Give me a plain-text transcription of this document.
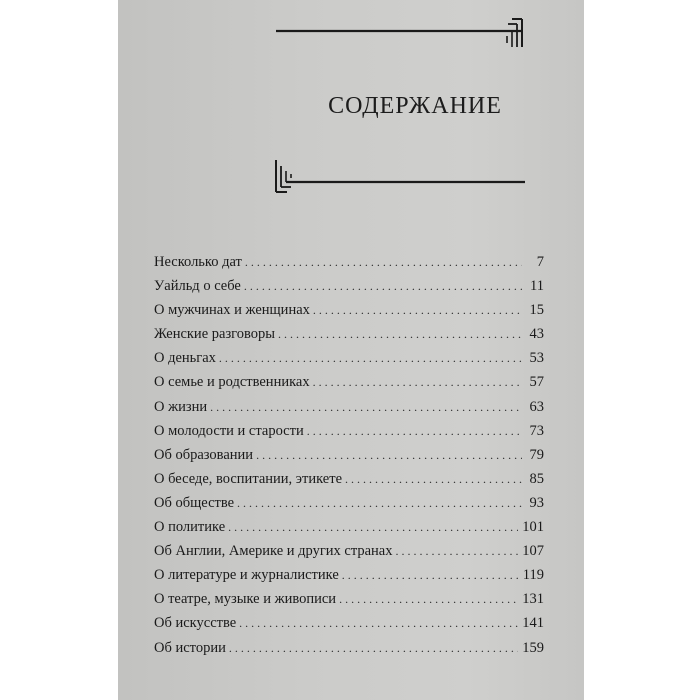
СОДЕРЖАНИЕ
Несколько дат . . .	7
Уайльд о себе . . .	11
О мужчинах и женщинах . . .	15
Женские разговоры . . .	43
О деньгах . . .	53
О семье и родственниках . . .	57
О жизни . . .	63
О молодости и старости . . .	73
Об образовании . . .	79
О беседе, воспитании, этикете . . .	85
Об обществе . . .	93
О политике . . .	101
Об Англии, Америке и других странах . . .	107
О литературе и журналистике . . .	119
О театре, музыке и живописи . . .	131
Об искусстве . . .	141
Об истории . . .	159
